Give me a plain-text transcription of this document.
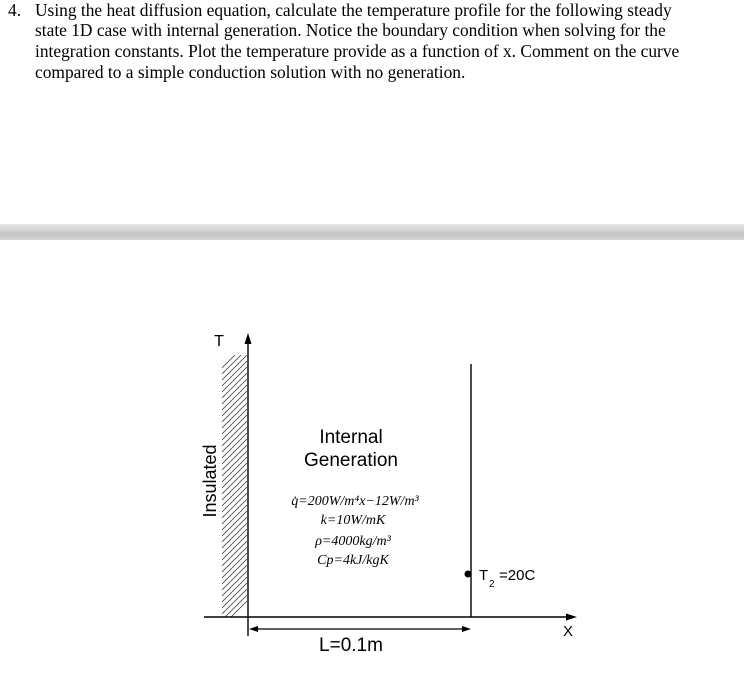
4. Using the heat diffusion equation, calculate the temperature profile for the following steady
state 1D case with internal generation. Notice the boundary condition when solving for the
integration constants. Plot the temperature provide as a function of x. Comment on the curve
compared to a simple conduction solution with no generation.
T
X
Insulated
Internal
Generation
q̇=200W/m⁴x−12W/m³
k=10W/mK
ρ=4000kg/m³
Cp=4kJ/kgK
T
2
=20C
L=0.1m
